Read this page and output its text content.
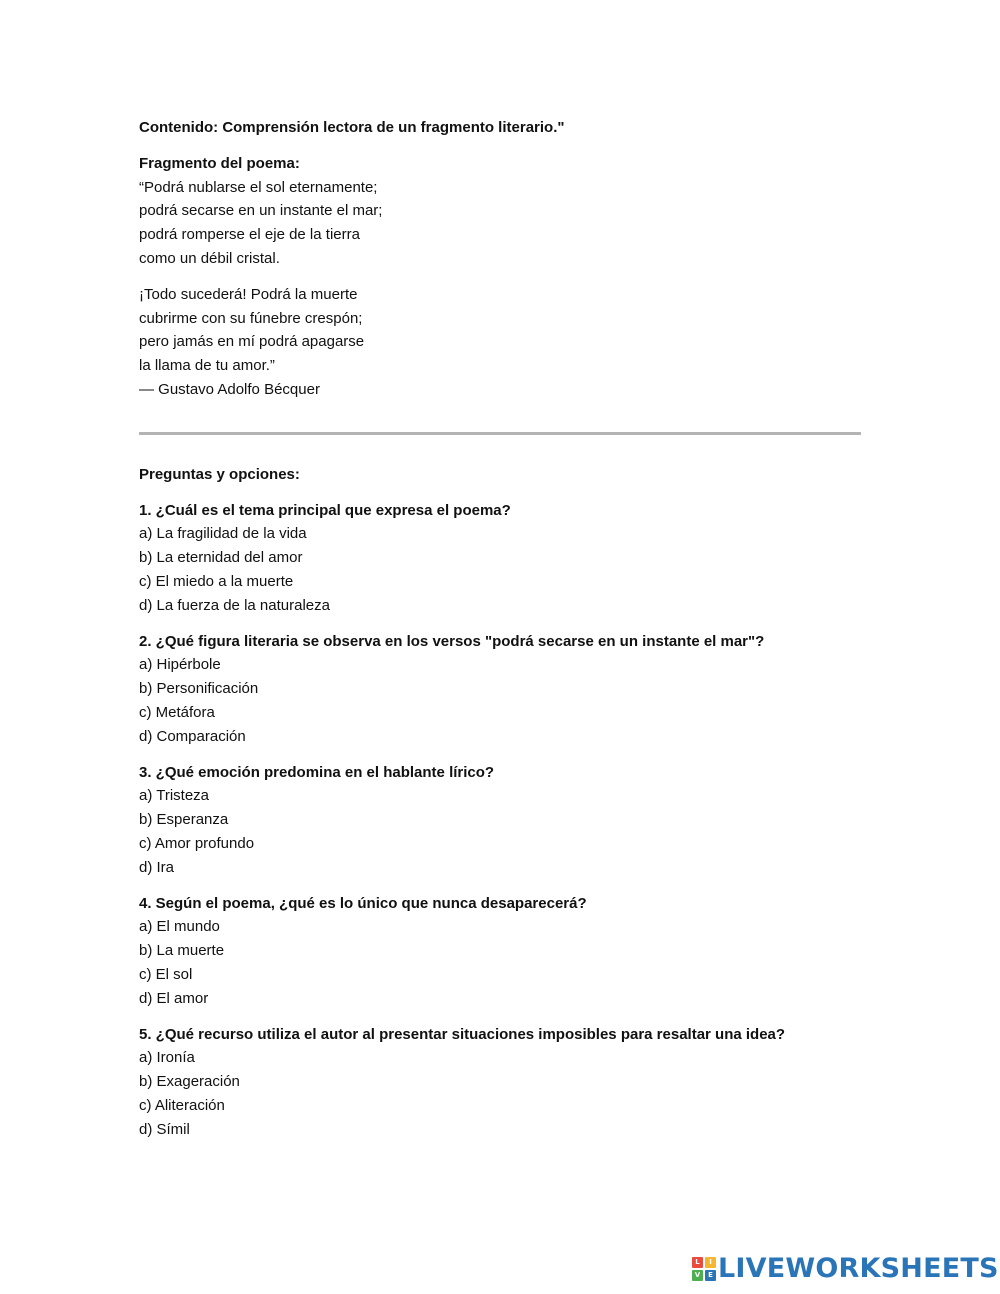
Contenido: Comprensión lectora de un fragmento literario."

Fragmento del poema:

“Podrá nublarse el sol eternamente;

podrá secarse en un instante el mar;

podrá romperse el eje de la tierra

como un débil cristal.

¡Todo sucederá! Podrá la muerte

cubrirme con su fúnebre crespón;

pero jamás en mí podrá apagarse

la llama de tu amor.”

— Gustavo Adolfo Bécquer

Preguntas y opciones:

1. ¿Cuál es el tema principal que expresa el poema?

a) La fragilidad de la vida

b) La eternidad del amor

c) El miedo a la muerte

d) La fuerza de la naturaleza

2. ¿Qué figura literaria se observa en los versos "podrá secarse en un instante el mar"?

a) Hipérbole

b) Personificación

c) Metáfora

d) Comparación

3. ¿Qué emoción predomina en el hablante lírico?

a) Tristeza

b) Esperanza

c) Amor profundo

d) Ira

4. Según el poema, ¿qué es lo único que nunca desaparecerá?

a) El mundo

b) La muerte

c) El sol

d) El amor

5. ¿Qué recurso utiliza el autor al presentar situaciones imposibles para resaltar una idea?

a) Ironía

b) Exageración

c) Aliteración

d) Símil

L	I
V	E LIVEWORKSHEETS
